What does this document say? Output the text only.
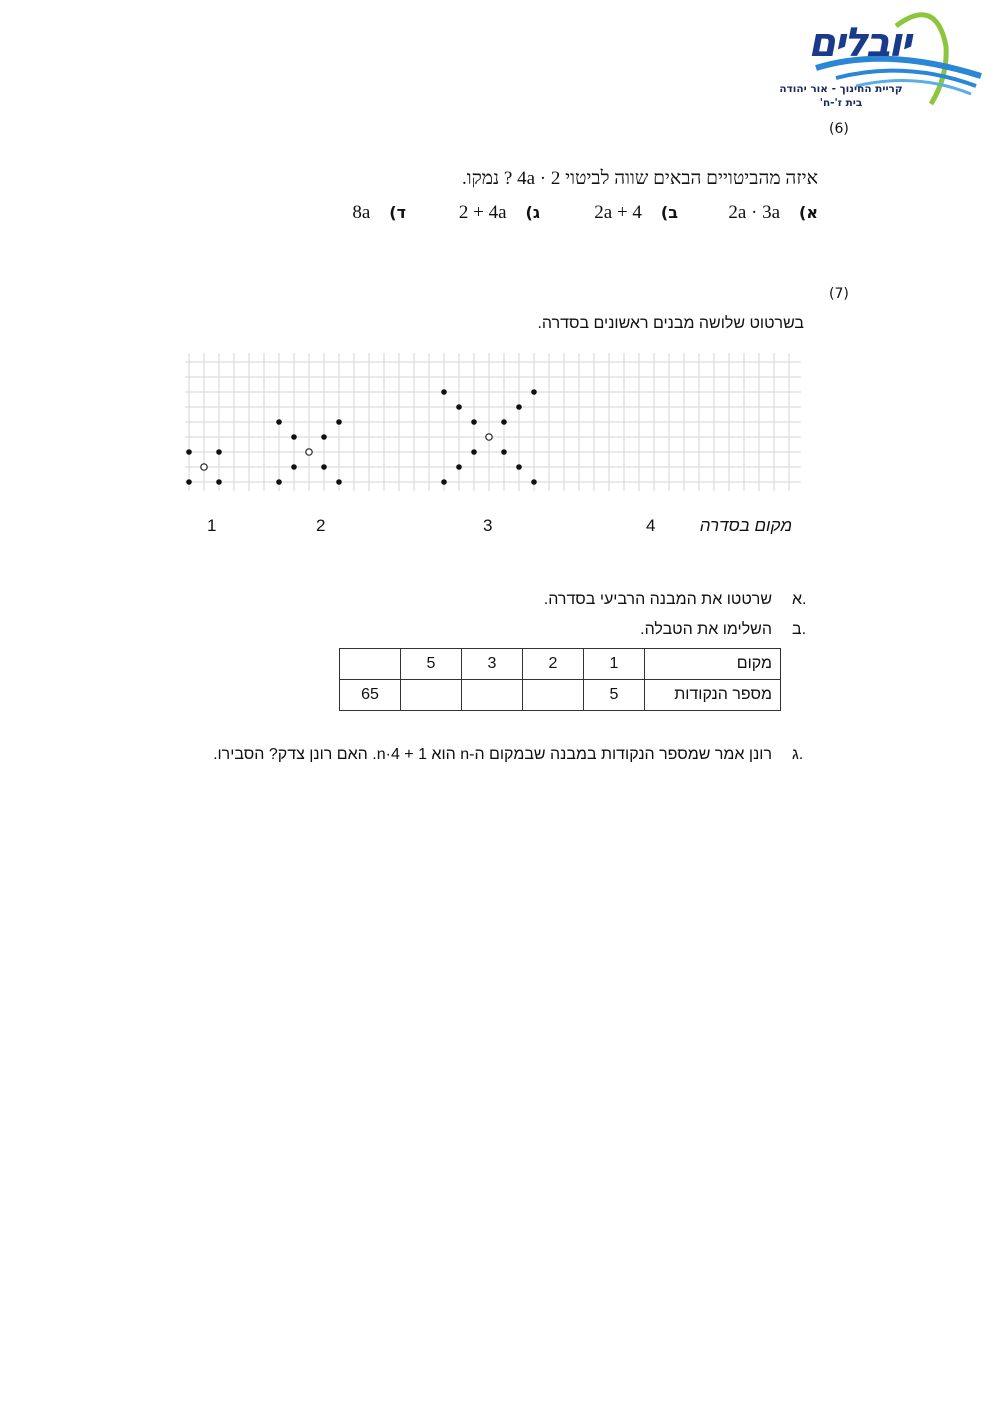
יובלים
קריית החינוך - אור יהודה
בית ז'-ח'
(6)
איזה מהביטויים הבאים שווה לביטוי 2 · 4a ? נמקו.
2a · 3a (א
2a + 4 (ב
2 + 4a (ג
8a (ד
(7)
בשרטוט שלושה מבנים ראשונים בסדרה.
1	2	3	4	מקום בסדרה
א.
שרטטו את המבנה הרביעי בסדרה.
ב.
השלימו את הטבלה.
	5	3	2	1	מקום
65				5	מספר הנקודות
ג.
רונן אמר שמספר הנקודות במבנה שבמקום ה-n הוא 1 + 4·n. האם רונן צדק? הסבירו.
